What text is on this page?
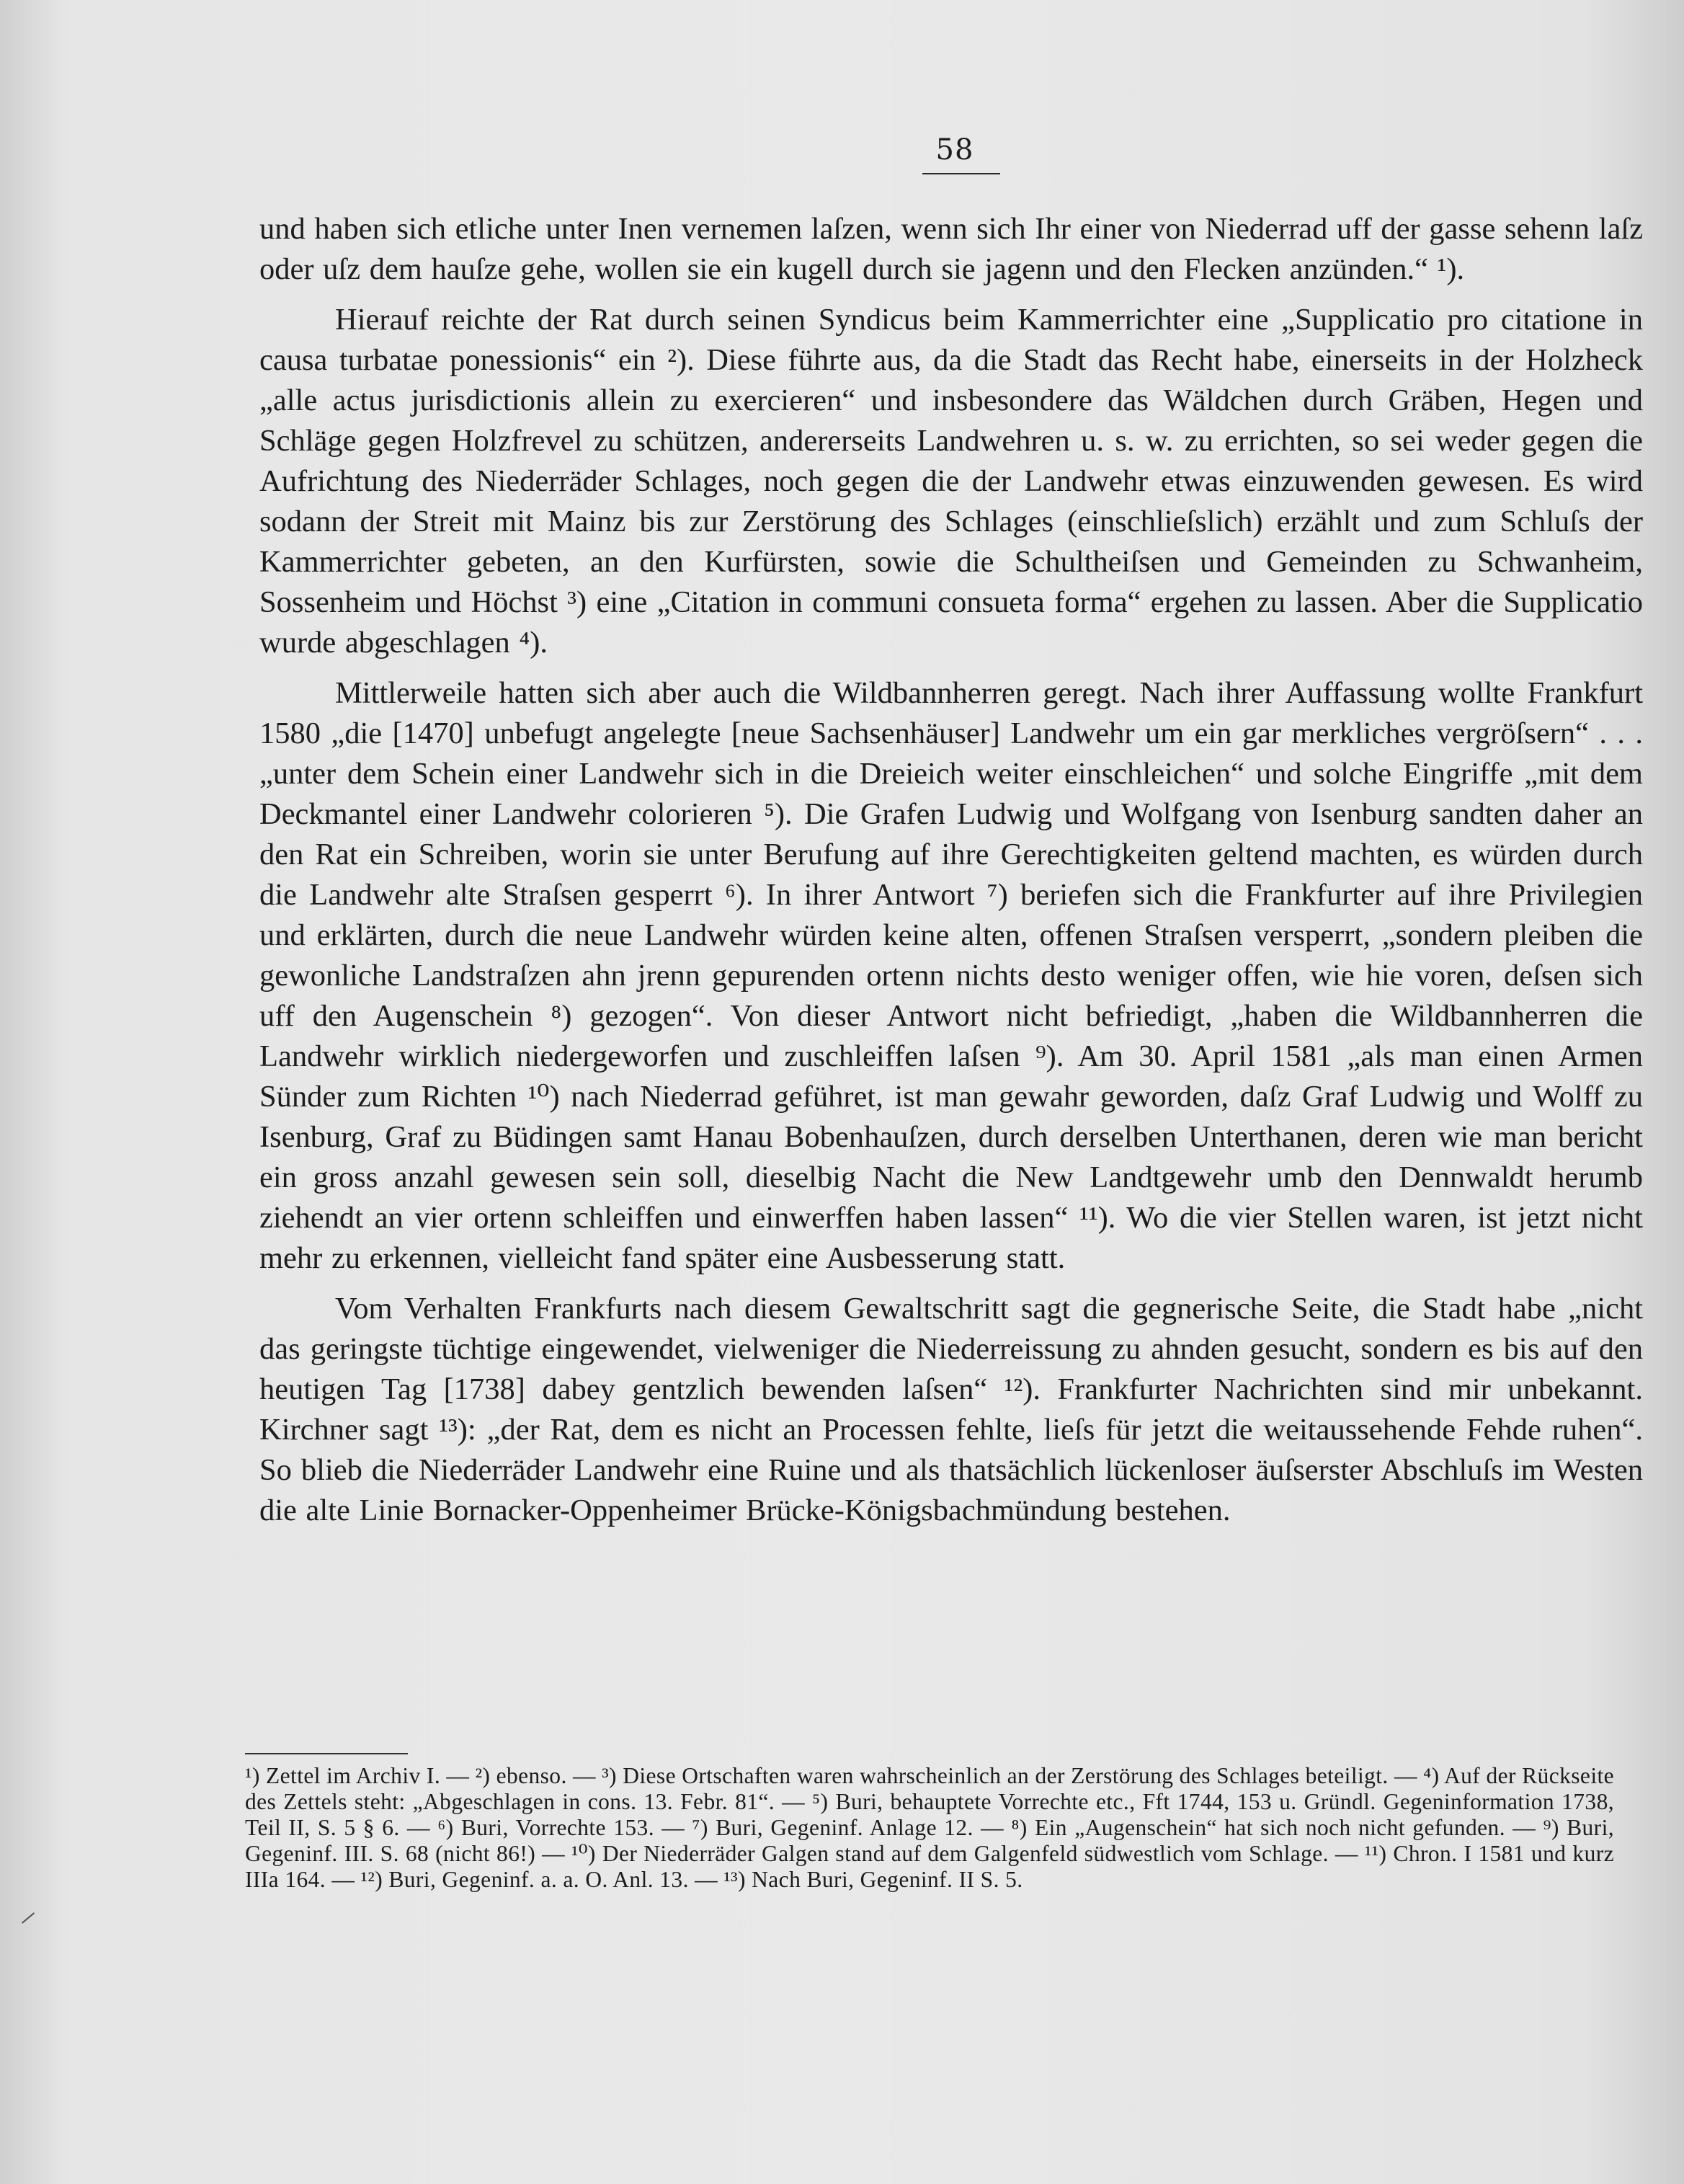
58

und haben sich etliche unter Inen vernemen laſzen, wenn sich Ihr einer von Niederrad uff der gasse sehenn laſz oder uſz dem hauſze gehe, wollen sie ein kugell durch sie jagenn und den Flecken anzünden.“ ¹).

Hierauf reichte der Rat durch seinen Syndicus beim Kammerrichter eine „Supplicatio pro citatione in causa turbatae ponessionis“ ein ²). Diese führte aus, da die Stadt das Recht habe, einerseits in der Holzheck „alle actus jurisdictionis allein zu exercieren“ und insbesondere das Wäldchen durch Gräben, Hegen und Schläge gegen Holzfrevel zu schützen, andererseits Landwehren u. s. w. zu errichten, so sei weder gegen die Aufrichtung des Niederräder Schlages, noch gegen die der Landwehr etwas einzuwenden gewesen. Es wird sodann der Streit mit Mainz bis zur Zerstörung des Schlages (einschlieſslich) erzählt und zum Schluſs der Kammerrichter gebeten, an den Kurfürsten, sowie die Schultheiſsen und Gemeinden zu Schwanheim, Sossenheim und Höchst ³) eine „Citation in communi consueta forma“ ergehen zu lassen. Aber die Supplicatio wurde abgeschlagen ⁴).

Mittlerweile hatten sich aber auch die Wildbannherren geregt. Nach ihrer Auffassung wollte Frankfurt 1580 „die [1470] unbefugt angelegte [neue Sachsenhäuser] Landwehr um ein gar merkliches vergröſsern“ . . . „unter dem Schein einer Landwehr sich in die Dreieich weiter einschleichen“ und solche Eingriffe „mit dem Deckmantel einer Landwehr colorieren ⁵). Die Grafen Ludwig und Wolfgang von Isenburg sandten daher an den Rat ein Schreiben, worin sie unter Berufung auf ihre Gerechtigkeiten geltend machten, es würden durch die Landwehr alte Straſsen gesperrt ⁶). In ihrer Antwort ⁷) beriefen sich die Frankfurter auf ihre Privilegien und erklärten, durch die neue Landwehr würden keine alten, offenen Straſsen versperrt, „sondern pleiben die gewonliche Landstraſzen ahn jrenn gepurenden ortenn nichts desto weniger offen, wie hie voren, deſsen sich uff den Augenschein ⁸) gezogen“. Von dieser Antwort nicht befriedigt, „haben die Wildbannherren die Landwehr wirklich niedergeworfen und zuschleiffen laſsen ⁹). Am 30. April 1581 „als man einen Armen Sünder zum Richten ¹⁰) nach Niederrad geführet, ist man gewahr geworden, daſz Graf Ludwig und Wolff zu Isenburg, Graf zu Büdingen samt Hanau Bobenhauſzen, durch derselben Unterthanen, deren wie man bericht ein gross anzahl gewesen sein soll, dieselbig Nacht die New Landtgewehr umb den Dennwaldt herumb ziehendt an vier ortenn schleiffen und einwerffen haben lassen“ ¹¹). Wo die vier Stellen waren, ist jetzt nicht mehr zu erkennen, vielleicht fand später eine Ausbesserung statt.

Vom Verhalten Frankfurts nach diesem Gewaltschritt sagt die gegnerische Seite, die Stadt habe „nicht das geringste tüchtige eingewendet, vielweniger die Niederreissung zu ahnden gesucht, sondern es bis auf den heutigen Tag [1738] dabey gentzlich bewenden laſsen“ ¹²). Frankfurter Nachrichten sind mir unbekannt. Kirchner sagt ¹³): „der Rat, dem es nicht an Processen fehlte, lieſs für jetzt die weitaussehende Fehde ruhen“. So blieb die Niederräder Landwehr eine Ruine und als thatsächlich lückenloser äuſserster Abschluſs im Westen die alte Linie Bornacker-Oppenheimer Brücke-Königsbachmündung bestehen.

¹) Zettel im Archiv I. — ²) ebenso. — ³) Diese Ortschaften waren wahrscheinlich an der Zerstörung des Schlages beteiligt. — ⁴) Auf der Rückseite des Zettels steht: „Abgeschlagen in cons. 13. Febr. 81“. — ⁵) Buri, behauptete Vorrechte etc., Fft 1744, 153 u. Gründl. Gegeninformation 1738, Teil II, S. 5 § 6. — ⁶) Buri, Vorrechte 153. — ⁷) Buri, Gegeninf. Anlage 12. — ⁸) Ein „Augenschein“ hat sich noch nicht gefunden. — ⁹) Buri, Gegeninf. III. S. 68 (nicht 86!) — ¹⁰) Der Niederräder Galgen stand auf dem Galgenfeld südwestlich vom Schlage. — ¹¹) Chron. I 1581 und kurz IIIa 164. — ¹²) Buri, Gegeninf. a. a. O. Anl. 13. — ¹³) Nach Buri, Gegeninf. II S. 5.
